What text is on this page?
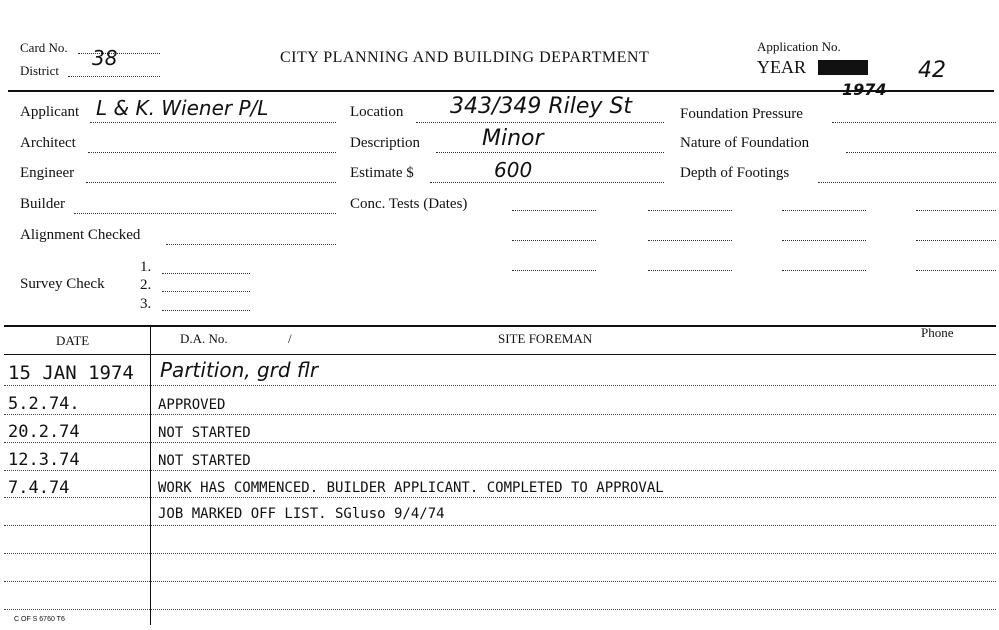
Card No. 38
District
CITY PLANNING AND BUILDING DEPARTMENT
Application No.
YEAR
1974
42
Applicant L & K. Wiener P/L
Architect
Engineer
Builder
Alignment Checked
Survey Check
1.
2.
3.
Location 343/349 Riley St
Description	Minor
Estimate $	600
Conc. Tests (Dates)
Foundation Pressure
Nature of Foundation
Depth of Footings
DATE	D.A. No.	/	SITE FOREMAN	Phone
15 JAN 1974 Partition, grd flr
5.2.74.	APPROVED
20.2.74	NOT STARTED
12.3.74	NOT STARTED
7.4.74	WORK HAS COMMENCED. BUILDER APPLICANT. COMPLETED TO APPROVAL
JOB MARKED OFF LIST. SGluso 9/4/74
C OF S 6760 T6
